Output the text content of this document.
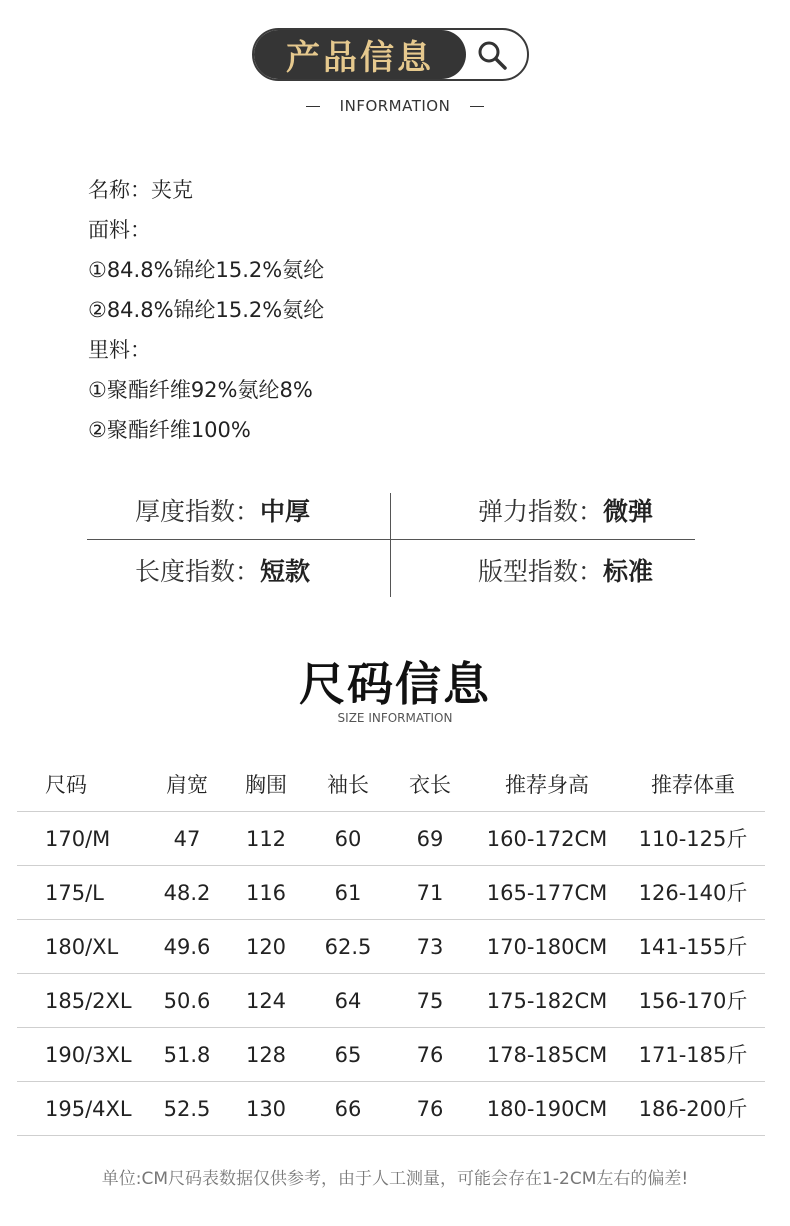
产品信息
INFORMATION
名称：夹克
面料：
①84.8%锦纶15.2%氨纶
②84.8%锦纶15.2%氨纶
里料：
①聚酯纤维92%氨纶8%
②聚酯纤维100%
厚度指数：中厚	弹力指数：微弹
长度指数：短款	版型指数：标准
尺码信息
SIZE INFORMATION
尺码	肩宽	胸围	袖长	衣长	推荐身高	推荐体重
170/M	47	112	60	69	160-172CM	110-125斤
175/L	48.2	116	61	71	165-177CM	126-140斤
180/XL	49.6	120	62.5	73	170-180CM	141-155斤
185/2XL	50.6	124	64	75	175-182CM	156-170斤
190/3XL	51.8	128	65	76	178-185CM	171-185斤
195/4XL	52.5	130	66	76	180-190CM	186-200斤
单位:CM尺码表数据仅供参考，由于人工测量，可能会存在1-2CM左右的偏差!
